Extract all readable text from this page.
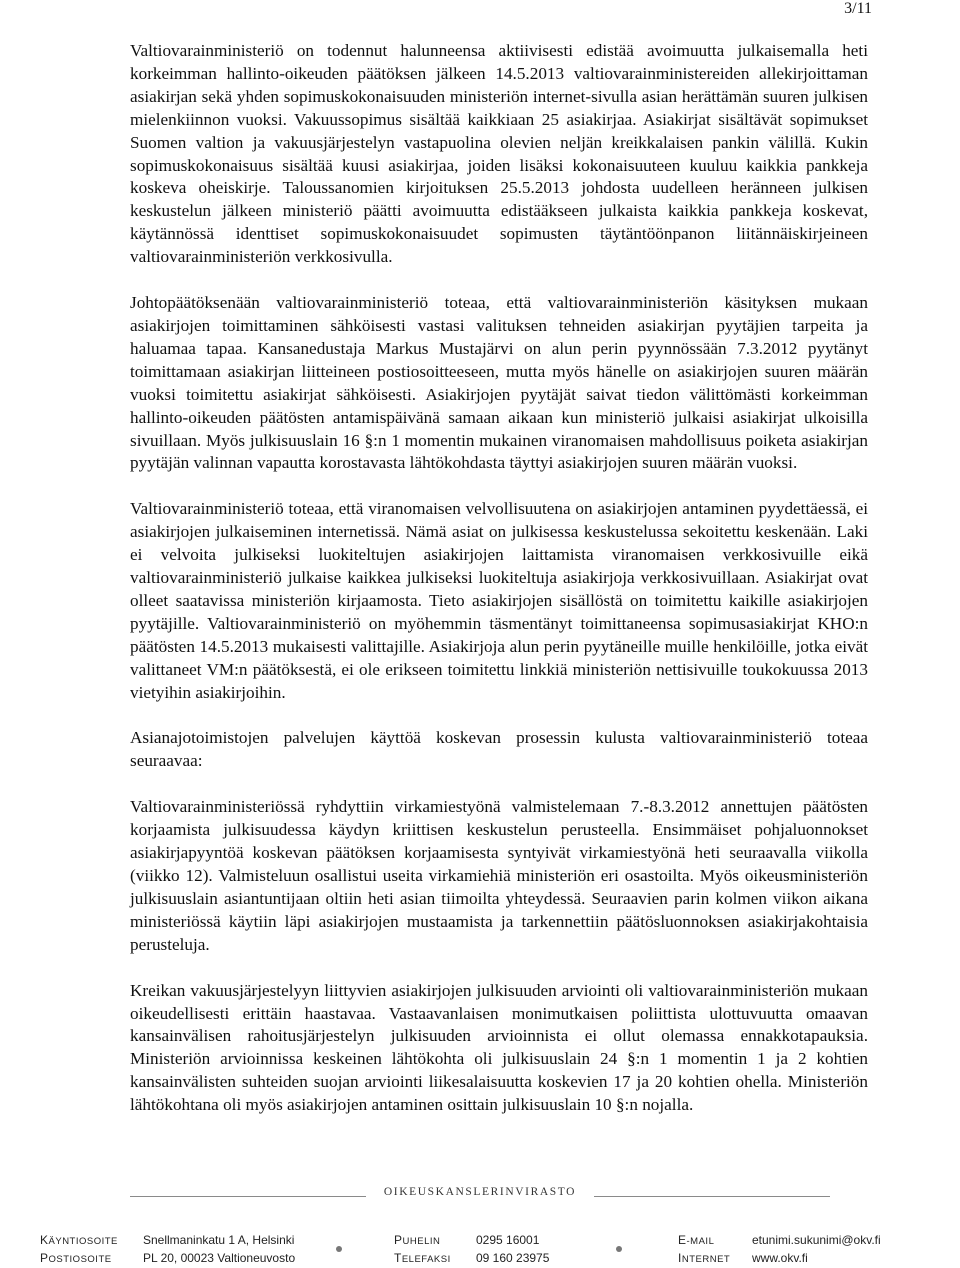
3/11

Valtiovarainministeriö on todennut halunneensa aktiivisesti edistää avoimuutta julkaisemalla heti korkeimman hallinto-oikeuden päätöksen jälkeen 14.5.2013 valtiovarainministereiden allekirjoittaman asiakirjan sekä yhden sopimuskokonaisuuden ministeriön internet-sivulla asian herättämän suuren julkisen mielenkiinnon vuoksi. Vakuussopimus sisältää kaikkiaan 25 asiakirjaa. Asiakirjat sisältävät sopimukset Suomen valtion ja vakuusjärjestelyn vastapuolina olevien neljän kreikkalaisen pankin välillä. Kukin sopimuskokonaisuus sisältää kuusi asiakirjaa, joiden lisäksi kokonaisuuteen kuuluu kaikkia pankkeja koskeva oheiskirje. Taloussanomien kirjoituksen 25.5.2013 johdosta uudelleen heränneen julkisen keskustelun jälkeen ministeriö päätti avoimuutta edistääkseen julkaista kaikkia pankkeja koskevat, käytännössä identtiset sopimuskokonaisuudet sopimusten täytäntöönpanon liitännäiskirjeineen valtiovarainministeriön verkkosivulla.

Johtopäätöksenään valtiovarainministeriö toteaa, että valtiovarainministeriön käsityksen mukaan asiakirjojen toimittaminen sähköisesti vastasi valituksen tehneiden asiakirjan pyytäjien tarpeita ja haluamaa tapaa. Kansanedustaja Markus Mustajärvi on alun perin pyynnössään 7.3.2012 pyytänyt toimittamaan asiakirjan liitteineen postiosoitteeseen, mutta myös hänelle on asiakirjojen suuren määrän vuoksi toimitettu asiakirjat sähköisesti. Asiakirjojen pyytäjät saivat tiedon välittömästi korkeimman hallinto-oikeuden päätösten antamispäivänä samaan aikaan kun ministeriö julkaisi asiakirjat ulkoisilla sivuillaan. Myös julkisuuslain 16 §:n 1 momentin mukainen viranomaisen mahdollisuus poiketa asiakirjan pyytäjän valinnan vapautta korostavasta lähtökohdasta täyttyi asiakirjojen suuren määrän vuoksi.

Valtiovarainministeriö toteaa, että viranomaisen velvollisuutena on asiakirjojen antaminen pyydettäessä, ei asiakirjojen julkaiseminen internetissä. Nämä asiat on julkisessa keskustelussa sekoitettu keskenään. Laki ei velvoita julkiseksi luokiteltujen asiakirjojen laittamista viranomaisen verkkosivuille eikä valtiovarainministeriö julkaise kaikkea julkiseksi luokiteltuja asiakirjoja verkkosivuillaan. Asiakirjat ovat olleet saatavissa ministeriön kirjaamosta. Tieto asiakirjojen sisällöstä on toimitettu kaikille asiakirjojen pyytäjille. Valtiovarainministeriö on myöhemmin täsmentänyt toimittaneensa sopimusasiakirjat KHO:n päätösten 14.5.2013 mukaisesti valittajille. Asiakirjoja alun perin pyytäneille muille henkilöille, jotka eivät valittaneet VM:n päätöksestä, ei ole erikseen toimitettu linkkiä ministeriön nettisivuille toukokuussa 2013 vietyihin asiakirjoihin.

Asianajotoimistojen palvelujen käyttöä koskevan prosessin kulusta valtiovarainministeriö toteaa seuraavaa:

Valtiovarainministeriössä ryhdyttiin virkamiestyönä valmistelemaan 7.-8.3.2012 annettujen päätösten korjaamista julkisuudessa käydyn kriittisen keskustelun perusteella. Ensimmäiset pohjaluonnokset asiakirjapyyntöä koskevan päätöksen korjaamisesta syntyivät virkamiestyönä heti seuraavalla viikolla (viikko 12). Valmisteluun osallistui useita virkamiehiä ministeriön eri osastoilta. Myös oikeusministeriön julkisuuslain asiantuntijaan oltiin heti asian tiimoilta yhteydessä. Seuraavien parin kolmen viikon aikana ministeriössä käytiin läpi asiakirjojen mustaamista ja tarkennettiin päätösluonnoksen asiakirjakohtaisia perusteluja.

Kreikan vakuusjärjestelyyn liittyvien asiakirjojen julkisuuden arviointi oli valtiovarainministeriön mukaan oikeudellisesti erittäin haastavaa. Vastaavanlaisen monimutkaisen poliittista ulottuvuutta omaavan kansainvälisen rahoitusjärjestelyn julkisuuden arvioinnista ei ollut olemassa ennakkotapauksia. Ministeriön arvioinnissa keskeinen lähtökohta oli julkisuuslain 24 §:n 1 momentin 1 ja 2 kohtien kansainvälisten suhteiden suojan arviointi liikesalaisuutta koskevien 17 ja 20 kohtien ohella. Ministeriön lähtökohtana oli myös asiakirjojen antaminen osittain julkisuuslain 10 §:n nojalla.

OIKEUSKANSLERINVIRASTO
KÄYNTIOSOITE Snellmaninkatu 1 A, Helsinki
POSTIOSOITE	PL 20, 00023 Valtioneuvosto
PUHELIN	0295 16001
TELEFAKSI 09 160 23975
E-MAIL	etunimi.sukunimi@okv.fi
INTERNET www.okv.fi
